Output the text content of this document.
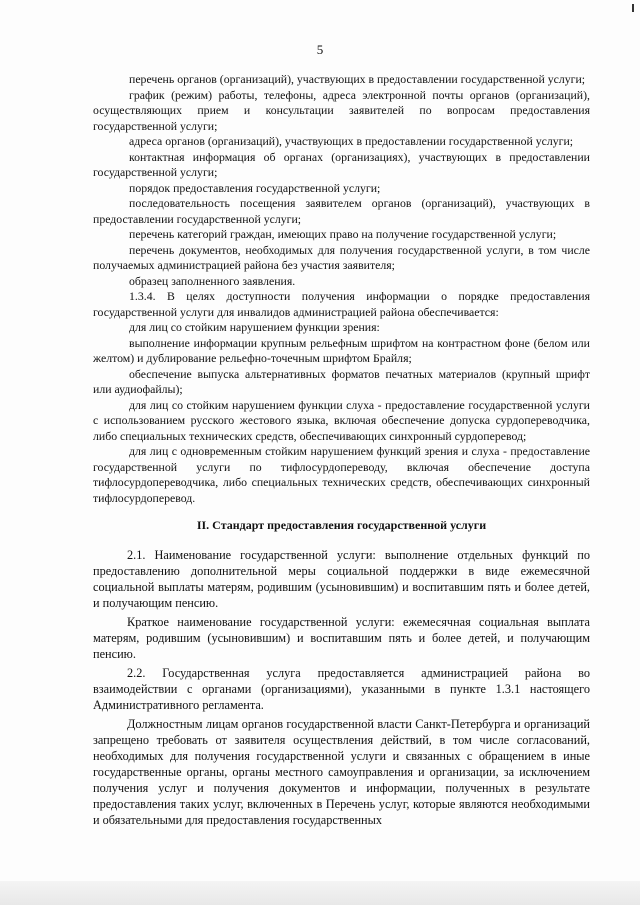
5

перечень органов (организаций), участвующих в предоставлении государственной услуги;

график (режим) работы, телефоны, адреса электронной почты органов (организаций), осуществляющих прием и консультации заявителей по вопросам предоставления государственной услуги;

адреса органов (организаций), участвующих в предоставлении государственной услуги;

контактная информация об органах (организациях), участвующих в предоставлении государственной услуги;

порядок предоставления государственной услуги;

последовательность посещения заявителем органов (организаций), участвующих в предоставлении государственной услуги;

перечень категорий граждан, имеющих право на получение государственной услуги;

перечень документов, необходимых для получения государственной услуги, в том числе получаемых администрацией района без участия заявителя;

образец заполненного заявления.

1.3.4. В целях доступности получения информации о порядке предоставления государственной услуги для инвалидов администрацией района обеспечивается:

для лиц со стойким нарушением функции зрения:

выполнение информации крупным рельефным шрифтом на контрастном фоне (белом или желтом) и дублирование рельефно-точечным шрифтом Брайля;

обеспечение выпуска альтернативных форматов печатных материалов (крупный шрифт или аудиофайлы);

для лиц со стойким нарушением функции слуха - предоставление государственной услуги с использованием русского жестового языка, включая обеспечение допуска сурдопереводчика, либо специальных технических средств, обеспечивающих синхронный сурдоперевод;

для лиц с одновременным стойким нарушением функций зрения и слуха - предоставление государственной услуги по тифлосурдопереводу, включая обеспечение доступа тифлосурдопереводчика, либо специальных технических средств, обеспечивающих синхронный тифлосурдоперевод.

II. Стандарт предоставления государственной услуги

2.1. Наименование государственной услуги: выполнение отдельных функций по предоставлению дополнительной меры социальной поддержки в виде ежемесячной социальной выплаты матерям, родившим (усыновившим) и воспитавшим пять и более детей, и получающим пенсию.

Краткое наименование государственной услуги: ежемесячная социальная выплата матерям, родившим (усыновившим) и воспитавшим пять и более детей, и получающим пенсию.

2.2. Государственная услуга предоставляется администрацией района во взаимодействии с органами (организациями), указанными в пункте 1.3.1 настоящего Административного регламента.

Должностным лицам органов государственной власти Санкт-Петербурга и организаций запрещено требовать от заявителя осуществления действий, в том числе согласований, необходимых для получения государственной услуги и связанных с обращением в иные государственные органы, органы местного самоуправления и организации, за исключением получения услуг и получения документов и информации, полученных в результате предоставления таких услуг, включенных в Перечень услуг, которые являются необходимыми и обязательными для предоставления государственных
